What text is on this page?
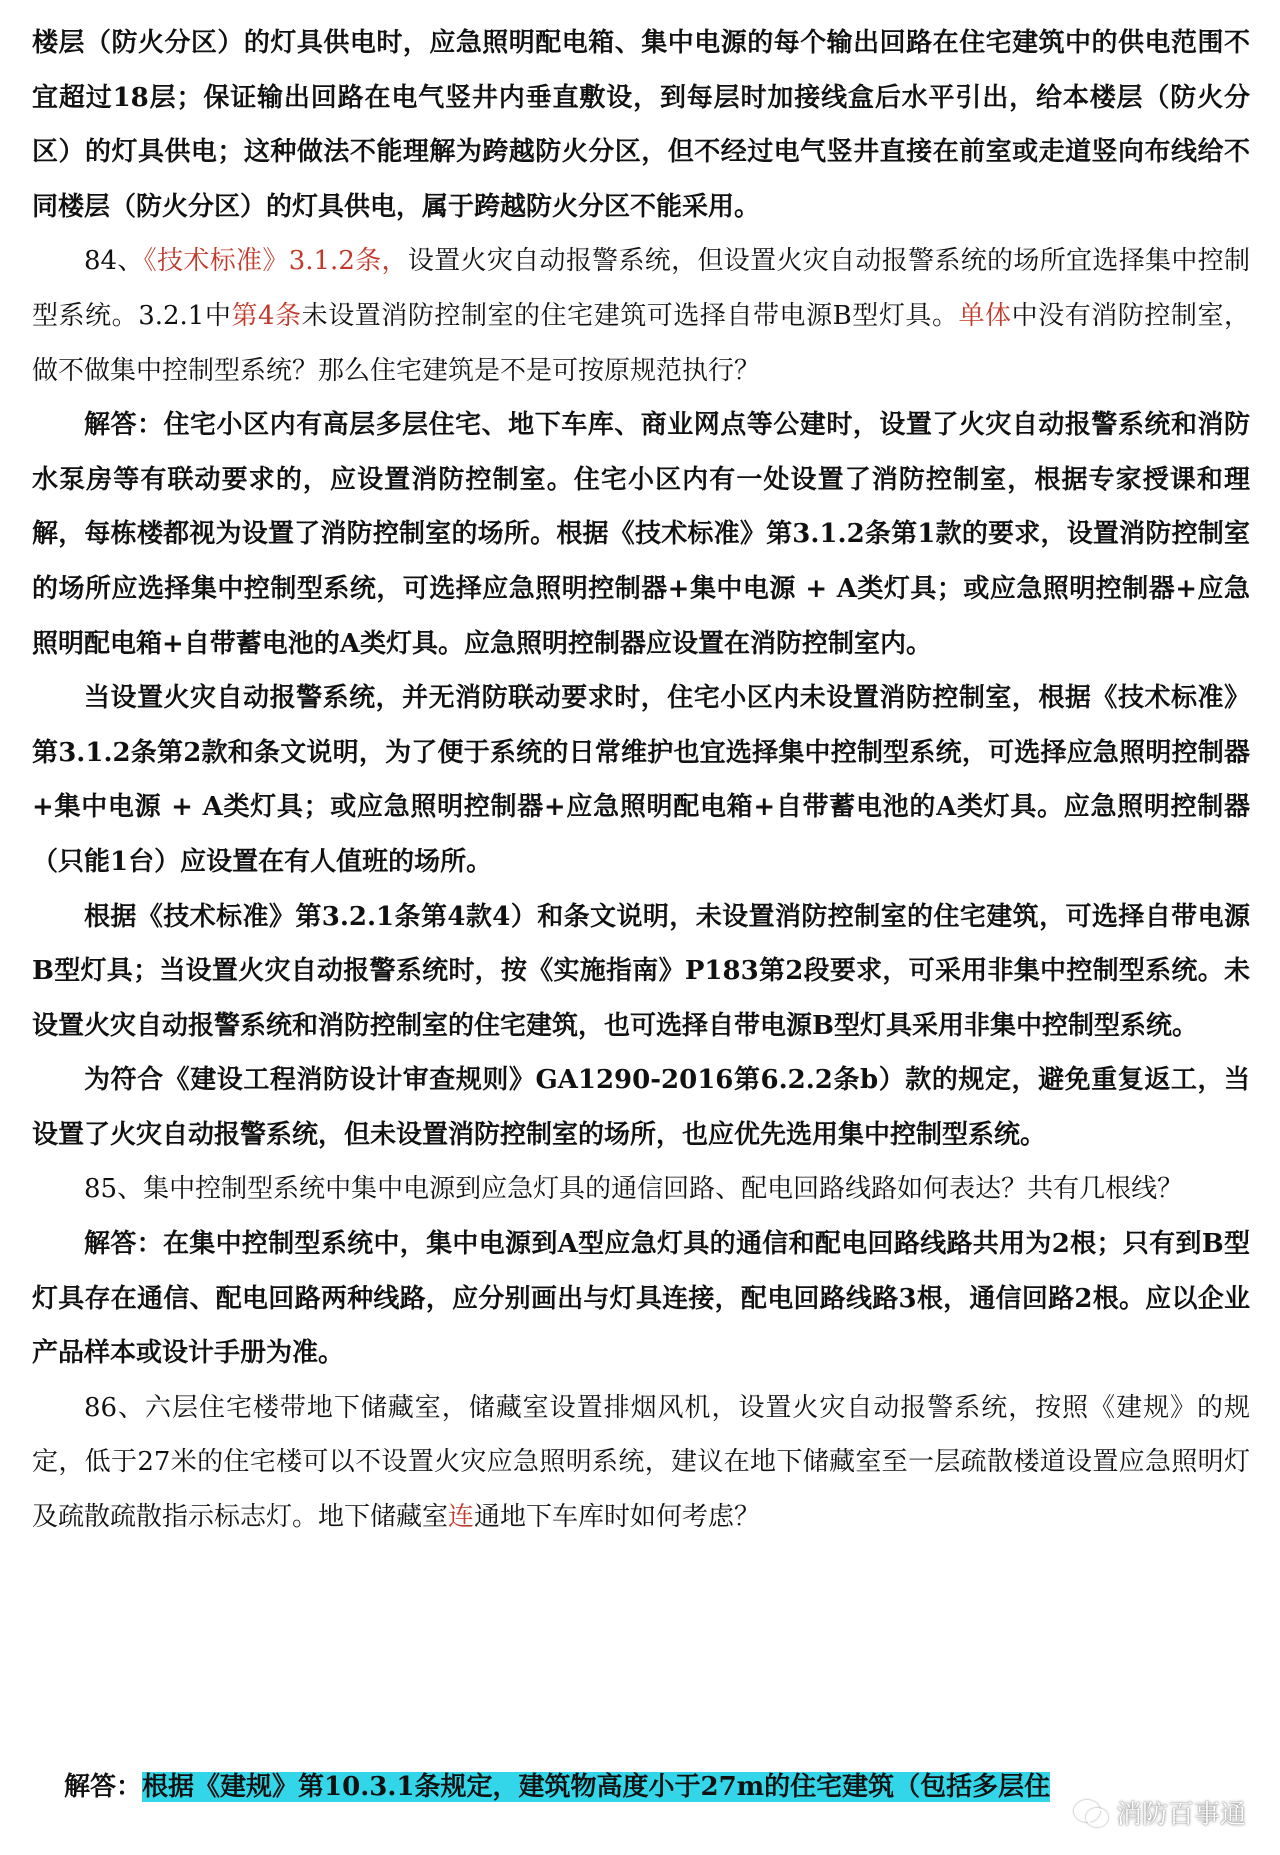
楼层（防火分区）的灯具供电时，应急照明配电箱、集中电源的每个输出回路在住宅建筑中的供电范围不宜超过18层；保证输出回路在电气竖井内垂直敷设，到每层时加接线盒后水平引出，给本楼层（防火分区）的灯具供电；这种做法不能理解为跨越防火分区，但不经过电气竖井直接在前室或走道竖向布线给不同楼层（防火分区）的灯具供电，属于跨越防火分区不能采用。

84、《技术标准》3.1.2条，设置火灾自动报警系统，但设置火灾自动报警系统的场所宜选择集中控制型系统。3.2.1中第4条未设置消防控制室的住宅建筑可选择自带电源B型灯具。单体中没有消防控制室，做不做集中控制型系统？那么住宅建筑是不是可按原规范执行？

解答：住宅小区内有高层多层住宅、地下车库、商业网点等公建时，设置了火灾自动报警系统和消防水泵房等有联动要求的，应设置消防控制室。住宅小区内有一处设置了消防控制室，根据专家授课和理解，每栋楼都视为设置了消防控制室的场所。根据《技术标准》第3.1.2条第1款的要求，设置消防控制室的场所应选择集中控制型系统，可选择应急照明控制器+集中电源 + A类灯具；或应急照明控制器+应急照明配电箱+自带蓄电池的A类灯具。应急照明控制器应设置在消防控制室内。

当设置火灾自动报警系统，并无消防联动要求时，住宅小区内未设置消防控制室，根据《技术标准》第3.1.2条第2款和条文说明，为了便于系统的日常维护也宜选择集中控制型系统，可选择应急照明控制器+集中电源 + A类灯具；或应急照明控制器+应急照明配电箱+自带蓄电池的A类灯具。应急照明控制器（只能1台）应设置在有人值班的场所。

根据《技术标准》第3.2.1条第4款4）和条文说明，未设置消防控制室的住宅建筑，可选择自带电源B型灯具；当设置火灾自动报警系统时，按《实施指南》P183第2段要求，可采用非集中控制型系统。未设置火灾自动报警系统和消防控制室的住宅建筑，也可选择自带电源B型灯具采用非集中控制型系统。

为符合《建设工程消防设计审查规则》GA1290-2016第6.2.2条b）款的规定，避免重复返工，当设置了火灾自动报警系统，但未设置消防控制室的场所，也应优先选用集中控制型系统。

85、集中控制型系统中集中电源到应急灯具的通信回路、配电回路线路如何表达？共有几根线？

解答：在集中控制型系统中，集中电源到A型应急灯具的通信和配电回路线路共用为2根；只有到B型灯具存在通信、配电回路两种线路，应分别画出与灯具连接，配电回路线路3根，通信回路2根。应以企业产品样本或设计手册为准。

86、六层住宅楼带地下储藏室，储藏室设置排烟风机，设置火灾自动报警系统，按照《建规》的规定，低于27米的住宅楼可以不设置火灾应急照明系统，建议在地下储藏室至一层疏散楼道设置应急照明灯及疏散疏散指示标志灯。地下储藏室连通地下车库时如何考虑？

解答：根据《建规》第10.3.1条规定，建筑物高度小于27m的住宅建筑（包括多层住
消防百事通
